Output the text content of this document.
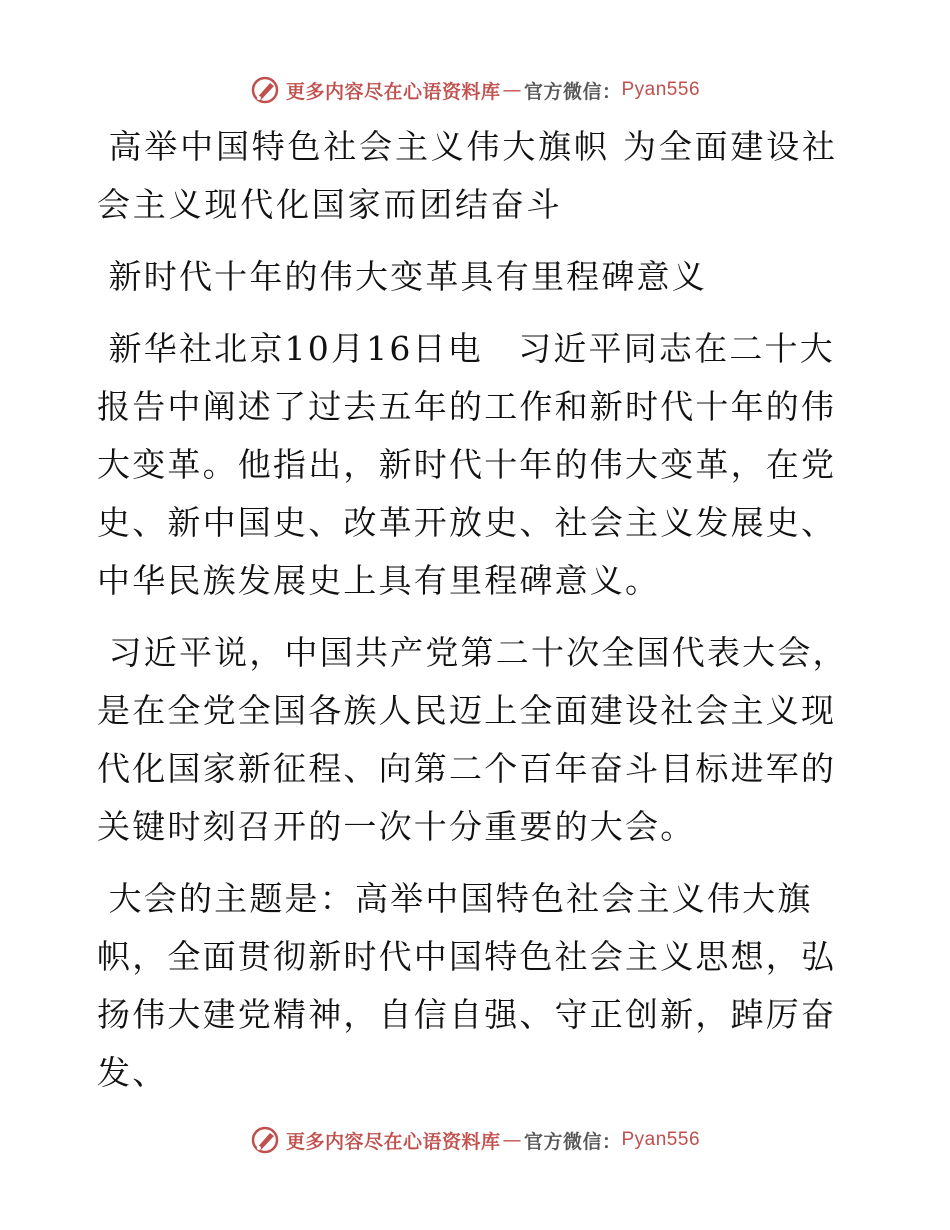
更多内容尽在心语资料库 — 官方微信： Pyan556

高举中国特色社会主义伟大旗帜 为全面建设社会主义现代化国家而团结奋斗

新时代十年的伟大变革具有里程碑意义

新华社北京10月16日电　习近平同志在二十大报告中阐述了过去五年的工作和新时代十年的伟大变革。他指出，新时代十年的伟大变革，在党史、新中国史、改革开放史、社会主义发展史、中华民族发展史上具有里程碑意义。

习近平说，中国共产党第二十次全国代表大会，是在全党全国各族人民迈上全面建设社会主义现代化国家新征程、向第二个百年奋斗目标进军的关键时刻召开的一次十分重要的大会。

大会的主题是：高举中国特色社会主义伟大旗帜，全面贯彻新时代中国特色社会主义思想，弘扬伟大建党精神，自信自强、守正创新，踔厉奋发、

更多内容尽在心语资料库 — 官方微信： Pyan556
